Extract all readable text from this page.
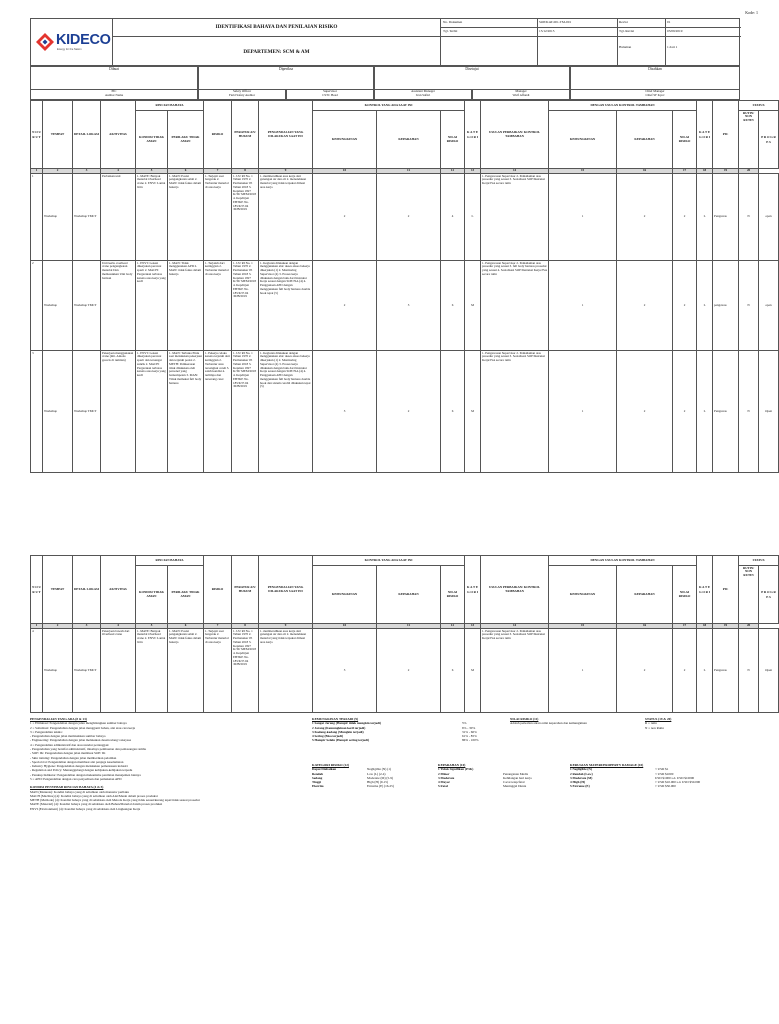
Kode: 1
KIDECO
Energy for the Nation
IDENTIFIKASI BAHAYA DAN PENILAIAN RISIKO
DEPARTEMEN: SCM & AM
No. Dokumen	SOP/KAT-001-TM-001	Revisi	01
Tgl. Terbit	15/12/2015	Tgl. Revisi	03/09/2019
Halaman	1 dari 1
Dibuat	Diperiksa	Disetujui	Disahkan
PIC
Auditor Name
Safety Officer
Field Safety Auditor
Supervisor
CSTC Head
Assistant Manager
Ivan Safitri
Manager
Wulf Affandi
Chief Manager
Chief SF Kyev
N O U R U T	TEMPAT	DETAIL LOKASI	AKTIVITAS	RINCIAN BAHAYA		RISIKO	PERATUR AN/ HUKUM	PENGENDALIAN YANG DILAKUKAN SAAT INI	KONTROL YANG ADA SAAT INI			K A T E G O R I	USULAN PERBAIKAN/ KONTROL TAMBAHAN	DENGAN USULAN KONTROL TAMBAHAN			K A T E G O R I	PIC	STATUS
				KONDISI TIDAK AMAN	PERILAKU TIDAK AMAN				KEMUNGKINAN	KEPARAHAN	NILAI RISIKO			KEMUNGKINAN	KEPARAHAN	NILAI RISIKO			RUTIN/ NON RUTIN	P R O G R E S
1	2	3	4	5	6	7	8	9	10	11	12	13	14	15	16	17	18	19	20	
1	Workshop	Workshop TMCT	Perbaikan unit	1. MATE: Banyak material Overhead crane 2. ENVI: Lantai licin	1. MAN: Posisi pengangkatan salah 2. MAN: tidak fokus dalam bekerja	1. Terjepit saat bergerak 2. Terbentur material di area kerja	1. UU RI No. 1 Tahun 1970 2. Permenaker 05 Tahun 2018 3. Kepmen 1827 K/30/ MEM/2018 4. Kepdirjen EBTKE No. 185/K37.04 /DJB/2019	1. membersihkan area kerja dari genangan air dan oli 2. menandakan material yang tidak terpakai dimasi area kerja	2	2	4	L	1. Pengawasan Supervisor 2. Pemahaman atas prosedur yang sesuai 3. Sosialisasi SOP/Instruksi Kerja/JSA secara rutin	1	2	2	L	Pengawas	N	open
2	Workshop	Workshop TMCT	Unit kerlu overhead crane pengangkatan material Dan memasukkan Unit body barisan	1. ENVI: Lokasi dikerjakan perawat sparit 2. MACH: Pergerakan terbatas karena area kerja yang kecil	1. MAN: Tidak menggunakan APD 2. MAN: tidak fokus dalam bekerja	1. Terjatuh dari ketinggian 2. Terbentur material di area kerja	1. UU RI No. 1 Tahun 1970 2. Permenaker 05 Tahun 2018 3. Kepmen 1827 K/30/ MEM/2018 4. Kepdirjen EBTKE No. 185/K37.04 /DJB/2019	1. Kegiatan dilakukan dengan menggunakan alat/ akses akses bekerja dikerjakan (1) 2. Monitoring Supervisor (4) 3. Proses kerja dilakukan dengan baik dari Instruksi Kerja sesuai dengan SOP/JSA (4) 4. Penggunaan APD dengan menggunakan full body harness double hook tepat (5)	2	3	6	M	1. Pengawasan Supervisor 2. Pemahaman atas prosedur yang sesuai 3. full body harness prosedur yang sesuai 4. Sosialisasi SOP/Instruksi Kerja/JSA secara rutin	1	2	2	L	pengawas	N	open
3	Workshop	Workshop TMCT	Pekerjaan menggunakan crane (mit. Anions goreck di rumitan)	1. ENVI: Lokasi dikerjakan perawat sparit dan tersangat sunrik 2. MACH: Pergerakan terbatas karena area kerja yang kecil	1. MAN: Terbuka Pintu saat melakukan pekerjaan dan terjatuh posisi 2. METH: Pemkerasan tidak dilakukan oleh personel yang berkompeten 3. MAN: Tidak memakai full body harness	1. Pekerja celaka karena terjatuh dari ketinggian 2. Terbentur atau tersangkut cereh 3. salah kondisi 4. tertimpa dan terserang cater	1. UU RI No. 1 Tahun 1970 2. Permenaker 05 Tahun 2018 3. Kepmen 1827 K/30/ MEM/2018 4. Kepdirjen EBTKE No. 185/K37.04 /DJB/2019	1. Kegiatan dilakukan dengan menggunakan alat/ akses akses bekerja dikerjakan (1) 2. Monitoring Supervisor (4) 3. Proses kerja dilakukan dengan baik dari Instruksi Kerja sesuai dengan SOP/JSA (4) 4. Penggunaan APD dengan menggunakan full body harness double hook dan sistem cerobh dilakukan tepat (5)	3	2	6	M	1. Pengawasan Supervisor 2. Pemahaman atas prosedur yang sesuai 3. Sosialisasi SOP/Instruksi Kerja/JSA secara rutin	1	2	2	L	Pengawas	N	Open
N O U R U T	TEMPAT	DETAIL LOKASI	AKTIVITAS	RINCIAN BAHAYA		RISIKO	PERATUR AN/ HUKUM	PENGENDALIAN YANG DILAKUKAN SAAT INI	KONTROL YANG ADA SAAT INI			K A T E G O R I	USULAN PERBAIKAN/ KONTROL TAMBAHAN	DENGAN USULAN KONTROL TAMBAHAN			K A T E G O R I	PIC	STATUS
				KONDISI TIDAK AMAN	PERILAKU TIDAK AMAN				KEMUNGKINAN	KEPARAHAN	NILAI RISIKO			KEMUNGKINAN	KEPARAHAN	NILAI RISIKO			RUTIN/ NON RUTIN	P R O G R E S
1	2	3	4	5	6	7	8	9	10	11	12	13	14	15	16	17	18	19	20	
4	Workshop	Workshop TMCT	Pekerjaan bawah dari Overhead crane	1. MATE: Banyak material Overhead crane 2. ENVI: Lantai licin	1. MAN: Posisi pengangkatan salah 2. MAN: tidak fokus dalam bekerja	1. Terjepit saat bergerak 2. Terbentur material di area kerja	1. UU RI No. 1 Tahun 1970 2. Permenaker 05 Tahun 2018 3. Kepmen 1827 K/30/ MEM/2018 4. Kepdirjen EBTKE No. 185/K37.04 /DJB/2019	1. membersihkan area kerja dari genangan air dan oli 2. menandakan material yang tidak terpakai dimasi area kerja	3	2	6	M	1. Pengawasan Supervisor 2. Pemahaman atas prosedur yang sesuai 3. Sosialisasi SOP/Instruksi Kerja/JSA secara rutin	1	2	2	L	Pengawas	N	Open
PENGENDALIAN YANG ADA (8 & 13)
1 = Eliminasi: Pengendalian dengan jalan menghilangkan sumber bahaya
2 = Substitusi: Pengendalian dengan jalan mengganti bahan, alat atau cara kerja
3 = Pengendalian teknis:
- Pengendalian dengan jalan memisahkan sumber bahaya
- Engineering: Pengendalian dengan jalan melakukan desain ulang/ rekayasa
4 = Pengendalian administratif dan atau standar pertanggan:
- Pengendalian yang bersifat administratif, misalnya pembuatan dan pemasangan rambu
- SOP/ IK: Pengendalian dengan jalan membuat SOP/ IK
- Skin training: Pengendalian dengan jalan memberikan pelatihan
- Special rtst: Pengendalian dengan membuat alat penjaga keselamatan
- Industry Hygiene: Pengendalian dengan melakukan pemantauan industri
- Regulation and Policy: Menanggulangi dengan kebijakan-kebijakan terpadu
- Penutup Indikator: Pengendalian dengan mekanisme penilaian manajemen lainnya
5 = APD: Pengendalian dengan cara penyediaan dan pemakaian APD
KONDISI PENYEBAB RINCIAN BAHAYA (4 & 5)
MAN (Manusia): Kondisi bahaya yang di sebabkan oleh manusia/ perilaku
MACH (Machine) (4): Kondisi bahaya yang di sebabkan oleh Alat/Mesin dalam proses produksi
METH (Methode) (4): Kondisi bahaya yang di sebabkan oleh Metode Kerja yang tidak sesuai/kurang tepat/tidak sesuai prosedur
MATE (Material) (4): Kondisi bahaya yang di sebabkan oleh Bahan/Material dalam proses produksi
ENVI (Environment) (4): Kondisi bahaya yang di sebabkan oleh Lingkungan Kerja
KEMUNGKINAN TERJADI (9)
1 Sangat Jarang (Hampir tidak mungkin terjadi)	5%
2 Jarang (Kemungkinan kecil terjadi)	6% - 30%
3 Kadang-kadang (Mungkin terjadi)	31% - 60%
4 Sering (Bisa terjadi)	61% - 85%
5 Hampir Selalu (Hampir sering terjadi)	86% - 100%
NILAI RISIKO (11)
Adalah perkalian antara nilai keparahan dan kemungkinan
STATUS (19 & 20)
R = rutin
N = non Rutin
KATEGORI RISIKO (12)
Dapat Diabaikan	Negligible (N) (1)
Rendah	Low (L) (2-4)
Sedang	Moderate (M) (5-9)
Tinggi	High (H) (9-15)
Ekstrim	Extreme (E) (16-25)
KEPARAHAN (10)
1 Tidak Signifikan (P3K)
2 Minor	Penanganan Medis
3 Moderate	Kehilangan hari kerja
4 Mayor	Cacat tetap/fatal
5 Fatal	Meninggal Dunia
KERUGIAN MATERI/PROPERTY DAMAGE (10)
1 Negligible (N)	< USD $1
2 Rendah (Low)	< USD $1000
3 Moderate (M)	USD $1000 s.d. USD $10000
4 High (H)	> USD $10.000 s.d. USD $50.000
5 Extreme (E)	> USD $50.000
